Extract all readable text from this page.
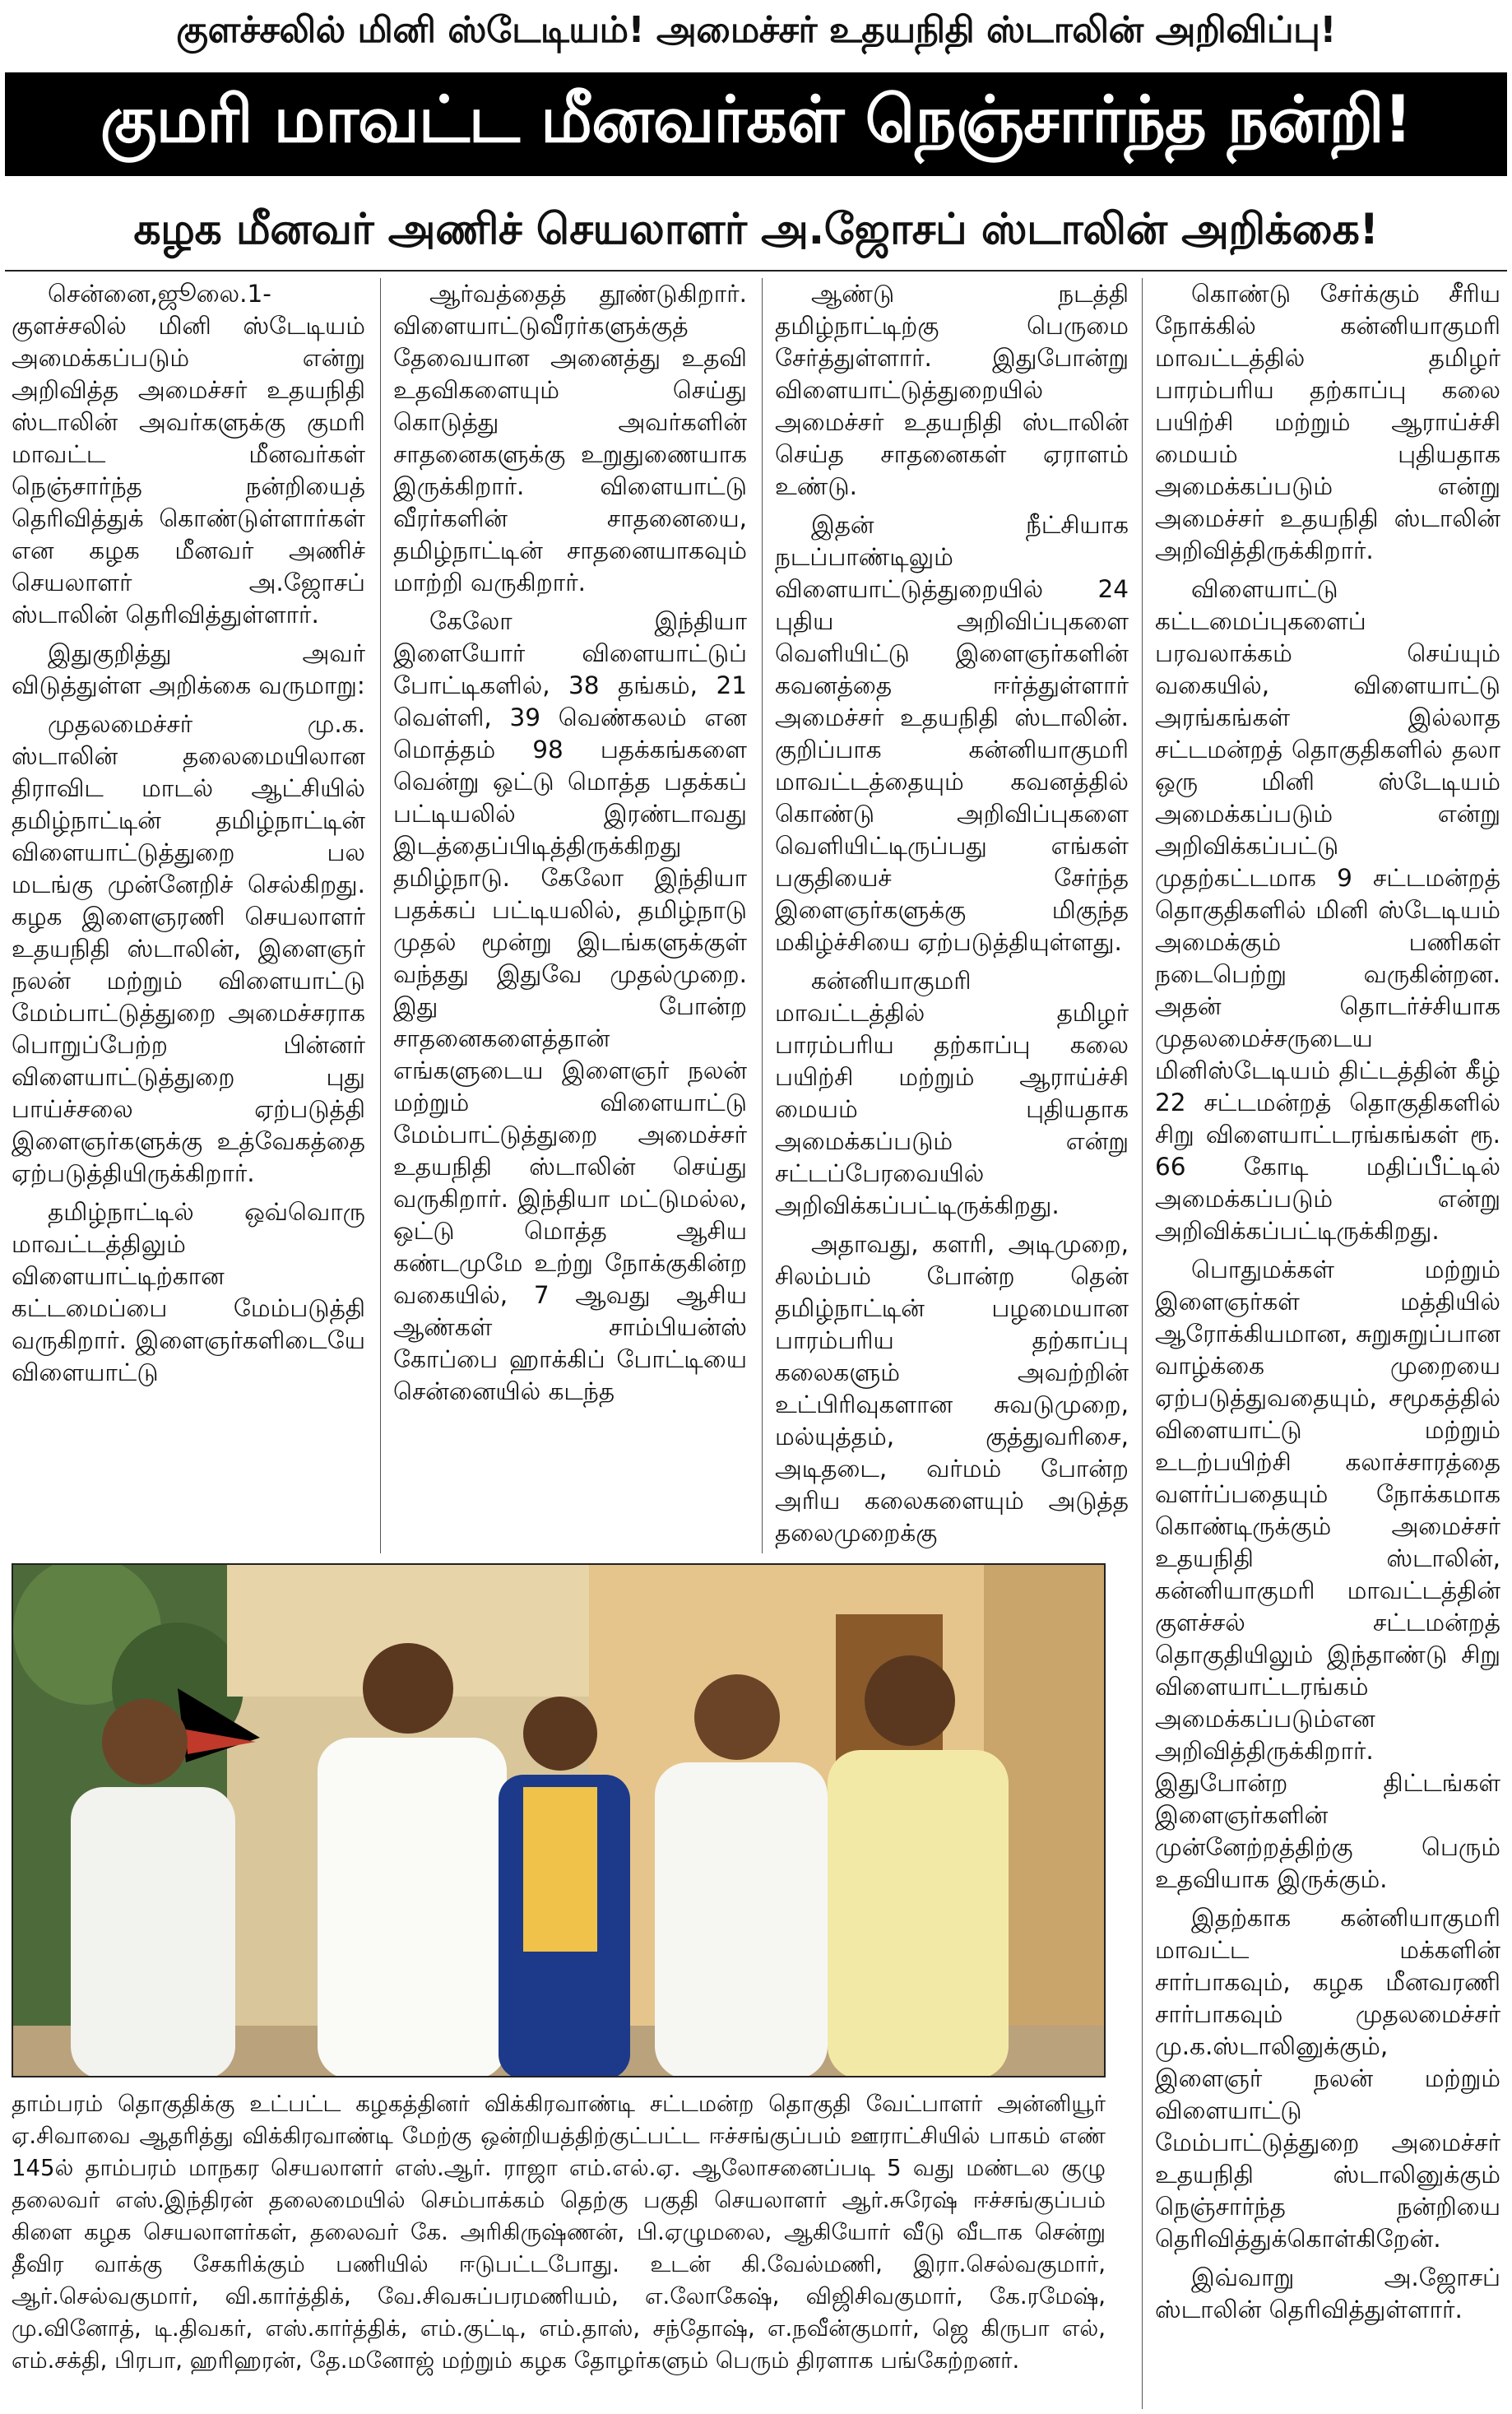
குளச்சலில் மினி ஸ்டேடியம்! அமைச்சர் உதயநிதி ஸ்டாலின் அறிவிப்பு!
குமரி மாவட்ட மீனவர்கள் நெஞ்சார்ந்த நன்றி!
கழக மீனவர் அணிச் செயலாளர் அ.ஜோசப் ஸ்டாலின் அறிக்கை!

சென்னை,ஜூலை.1- குளச்சலில் மினி ஸ்டேடியம் அமைக்கப்படும் என்று அறிவித்த அமைச்சர் உதயநிதி ஸ்டாலின் அவர்களுக்கு குமரி மாவட்ட மீனவர்கள் நெஞ்சார்ந்த நன்றியைத் தெரிவித்துக் கொண்டுள்ளார்கள் என கழக மீனவர் அணிச் செயலாளர் அ.ஜோசப் ஸ்டாலின் தெரிவித்துள்ளார்.

இதுகுறித்து அவர் விடுத்துள்ள அறிக்கை வருமாறு:

முதலமைச்சர் மு.க. ஸ்டாலின் தலைமையிலான திராவிட மாடல் ஆட்சியில் தமிழ்நாட்டின் தமிழ்நாட்டின் விளையாட்டுத்துறை பல மடங்கு முன்னேறிச் செல்கிறது. கழக இளைஞரணி செயலாளர் உதயநிதி ஸ்டாலின், இளைஞர் நலன் மற்றும் விளையாட்டு மேம்பாட்டுத்துறை அமைச்சராக பொறுப்பேற்ற பின்னர் விளையாட்டுத்துறை புது பாய்ச்சலை ஏற்படுத்தி இளைஞர்களுக்கு உத்வேகத்தை ஏற்படுத்தியிருக்கிறார்.

தமிழ்நாட்டில் ஒவ்வொரு மாவட்டத்திலும் விளையாட்டிற்கான கட்டமைப்பை மேம்படுத்தி வருகிறார். இளைஞர்களிடையே விளையாட்டு

ஆர்வத்தைத் தூண்டுகிறார். விளையாட்டுவீரர்களுக்குத் தேவையான அனைத்து உதவி உதவிகளையும் செய்து கொடுத்து அவர்களின் சாதனைகளுக்கு உறுதுணையாக இருக்கிறார். விளையாட்டு வீரர்களின் சாதனையை, தமிழ்நாட்டின் சாதனையாகவும் மாற்றி வருகிறார்.

கேலோ இந்தியா இளையோர் விளையாட்டுப் போட்டிகளில், 38 தங்கம், 21 வெள்ளி, 39 வெண்கலம் என மொத்தம் 98 பதக்கங்களை வென்று ஒட்டு மொத்த பதக்கப் பட்டியலில் இரண்டாவது இடத்தைப்பிடித்திருக்கிறது தமிழ்நாடு. கேலோ இந்தியா பதக்கப் பட்டியலில், தமிழ்நாடு முதல் மூன்று இடங்களுக்குள் வந்தது இதுவே முதல்முறை. இது போன்ற சாதனைகளைத்தான் எங்களுடைய இளைஞர் நலன் மற்றும் விளையாட்டு மேம்பாட்டுத்துறை அமைச்சர் உதயநிதி ஸ்டாலின் செய்து வருகிறார். இந்தியா மட்டுமல்ல, ஒட்டு மொத்த ஆசிய கண்டமுமே உற்று நோக்குகின்ற வகையில், 7 ஆவது ஆசிய ஆண்கள் சாம்பியன்ஸ் கோப்பை ஹாக்கிப் போட்டியை சென்னையில் கடந்த

ஆண்டு நடத்தி தமிழ்நாட்டிற்கு பெருமை சேர்த்துள்ளார். இதுபோன்று விளையாட்டுத்துறையில் அமைச்சர் உதயநிதி ஸ்டாலின் செய்த சாதனைகள் ஏராளம் உண்டு.

இதன் நீட்சியாக நடப்பாண்டிலும் விளையாட்டுத்துறையில் 24 புதிய அறிவிப்புகளை வெளியிட்டு இளைஞர்களின் கவனத்தை ஈர்த்துள்ளார் அமைச்சர் உதயநிதி ஸ்டாலின். குறிப்பாக கன்னியாகுமரி மாவட்டத்தையும் கவனத்தில் கொண்டு அறிவிப்புகளை வெளியிட்டிருப்பது எங்கள் பகுதியைச் சேர்ந்த இளைஞர்களுக்கு மிகுந்த மகிழ்ச்சியை ஏற்படுத்தியுள்ளது.

கன்னியாகுமரி மாவட்டத்தில் தமிழர் பாரம்பரிய தற்காப்பு கலை பயிற்சி மற்றும் ஆராய்ச்சி மையம் புதியதாக அமைக்கப்படும் என்று சட்டப்பேரவையில் அறிவிக்கப்பட்டிருக்கிறது.

அதாவது, களரி, அடிமுறை, சிலம்பம் போன்ற தென் தமிழ்நாட்டின் பழமையான பாரம்பரிய தற்காப்பு கலைகளும் அவற்றின் உட்பிரிவுகளான சுவடுமுறை, மல்யுத்தம், குத்துவரிசை, அடிதடை, வர்மம் போன்ற அரிய கலைகளையும் அடுத்த தலைமுறைக்கு

கொண்டு சேர்க்கும் சீரிய நோக்கில் கன்னியாகுமரி மாவட்டத்தில் தமிழர் பாரம்பரிய தற்காப்பு கலை பயிற்சி மற்றும் ஆராய்ச்சி மையம் புதியதாக அமைக்கப்படும் என்று அமைச்சர் உதயநிதி ஸ்டாலின் அறிவித்திருக்கிறார்.

விளையாட்டு கட்டமைப்புகளைப் பரவலாக்கம் செய்யும் வகையில், விளையாட்டு அரங்கங்கள் இல்லாத சட்டமன்றத் தொகுதிகளில் தலா ஒரு மினி ஸ்டேடியம் அமைக்கப்படும் என்று அறிவிக்கப்பட்டு முதற்கட்டமாக 9 சட்டமன்றத் தொகுதிகளில் மினி ஸ்டேடியம் அமைக்கும் பணிகள் நடைபெற்று வருகின்றன. அதன் தொடர்ச்சியாக முதலமைச்சருடைய மினிஸ்டேடியம் திட்டத்தின் கீழ் 22 சட்டமன்றத் தொகுதிகளில் சிறு விளையாட்டரங்கங்கள் ரூ. 66 கோடி மதிப்பீட்டில் அமைக்கப்படும் என்று அறிவிக்கப்பட்டிருக்கிறது.

பொதுமக்கள் மற்றும் இளைஞர்கள் மத்தியில் ஆரோக்கியமான, சுறுசுறுப்பான வாழ்க்கை முறையை ஏற்படுத்துவதையும், சமூகத்தில் விளையாட்டு மற்றும் உடற்பயிற்சி கலாச்சாரத்தை வளர்ப்பதையும் நோக்கமாக கொண்டிருக்கும் அமைச்சர் உதயநிதி ஸ்டாலின், கன்னியாகுமரி மாவட்டத்தின் குளச்சல் சட்டமன்றத் தொகுதியிலும் இந்தாண்டு சிறு விளையாட்டரங்கம் அமைக்கப்படும்என அறிவித்திருக்கிறார். இதுபோன்ற திட்டங்கள் இளைஞர்களின் முன்னேற்றத்திற்கு பெரும் உதவியாக இருக்கும்.

இதற்காக கன்னியாகுமரி மாவட்ட மக்களின் சார்பாகவும், கழக மீனவரணி சார்பாகவும் முதலமைச்சர் மு.க.ஸ்டாலினுக்கும், இளைஞர் நலன் மற்றும் விளையாட்டு மேம்பாட்டுத்துறை அமைச்சர் உதயநிதி ஸ்டாலினுக்கும் நெஞ்சார்ந்த நன்றியை தெரிவித்துக்கொள்கிறேன்.

இவ்வாறு அ.ஜோசப் ஸ்டாலின் தெரிவித்துள்ளார்.

தாம்பரம் தொகுதிக்கு உட்பட்ட கழகத்தினர் விக்கிரவாண்டி சட்டமன்ற தொகுதி வேட்பாளர் அன்னியூர் ஏ.சிவாவை ஆதரித்து விக்கிரவாண்டி மேற்கு ஒன்றியத்திற்குட்பட்ட ஈச்சங்குப்பம் ஊராட்சியில் பாகம் எண் 145ல் தாம்பரம் மாநகர செயலாளர் எஸ்.ஆர். ராஜா எம்.எல்.ஏ. ஆலோசனைப்படி 5 வது மண்டல குழு தலைவர் எஸ்.இந்திரன் தலைமையில் செம்பாக்கம் தெற்கு பகுதி செயலாளர் ஆர்.சுரேஷ் ஈச்சங்குப்பம் கிளை கழக செயலாளர்கள், தலைவர் கே. அரிகிருஷ்ணன், பி.ஏழுமலை, ஆகியோர் வீடு வீடாக சென்று தீவிர வாக்கு சேகரிக்கும் பணியில் ஈடுபட்டபோது. உடன் கி.வேல்மணி, இரா.செல்வகுமார், ஆர்.செல்வகுமார், வி.கார்த்திக், வே.சிவசுப்பரமணியம், எ.லோகேஷ், விஜிசிவகுமார், கே.ரமேஷ், மு.வினோத், டி.திவகர், எஸ்.கார்த்திக், எம்.குட்டி, எம்.தாஸ், சந்தோஷ், எ.நவீன்குமார், ஜெ கிருபா எல், எம்.சக்தி, பிரபா, ஹரிஹரன், தே.மனோஜ் மற்றும் கழக தோழர்களும் பெரும் திரளாக பங்கேற்றனர்.
